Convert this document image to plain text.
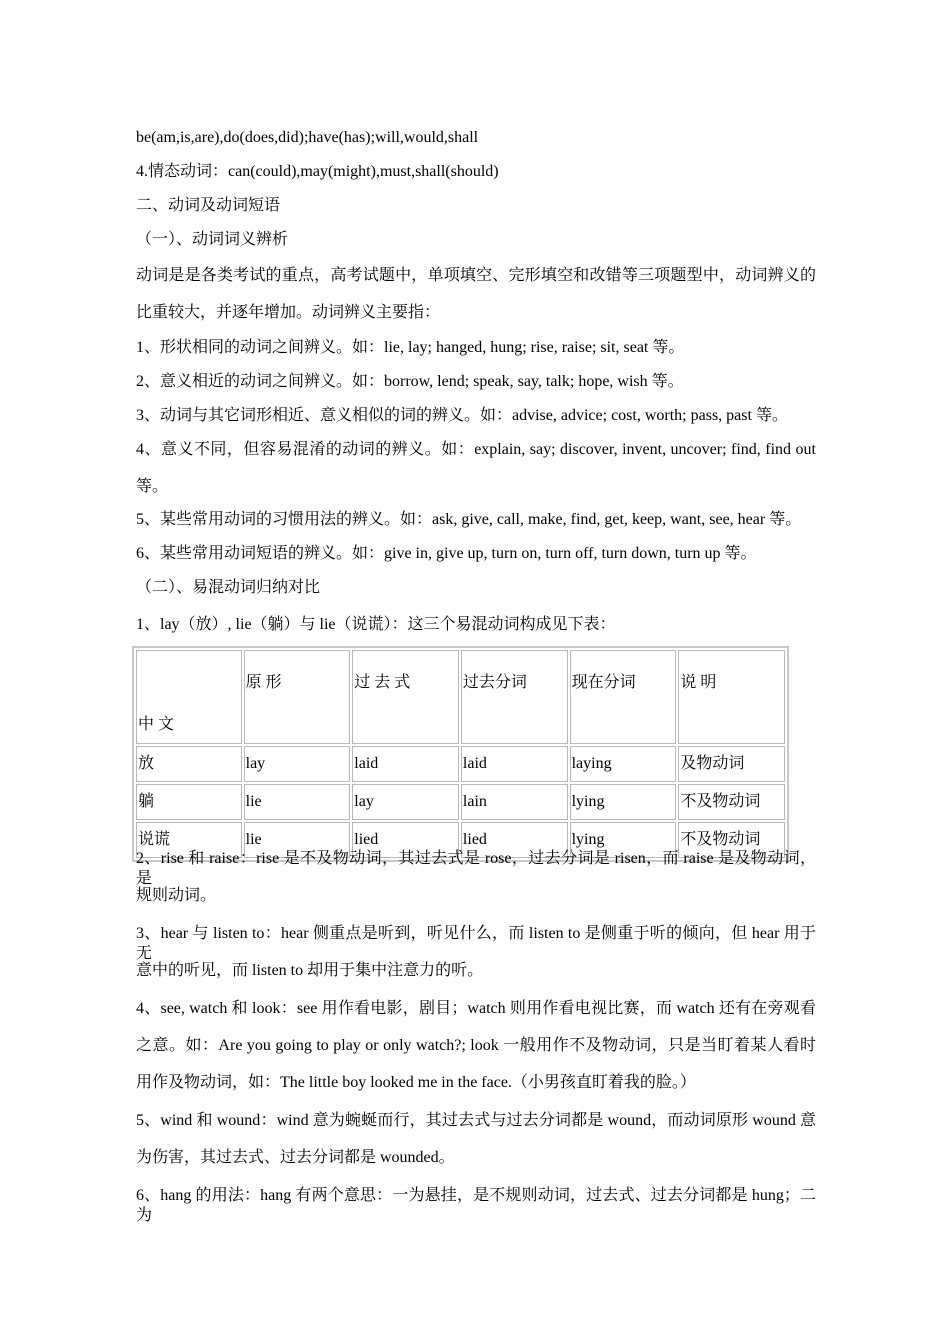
be(am,is,are),do(does,did);have(has);will,would,shall
4.情态动词：can(could),may(might),must,shall(should)
二、动词及动词短语
（一）、动词词义辨析
动词是是各类考试的重点，高考试题中，单项填空、完形填空和改错等三项题型中，动词辨义的
比重较大，并逐年增加。动词辨义主要指：
1、形状相同的动词之间辨义。如：lie, lay; hanged, hung; rise, raise; sit, seat 等。
2、意义相近的动词之间辨义。如：borrow, lend; speak, say, talk; hope, wish 等。
3、动词与其它词形相近、意义相似的词的辨义。如：advise, advice; cost, worth; pass, past 等。
4、意义不同，但容易混淆的动词的辨义。如：explain, say; discover, invent, uncover; find, find out
等。
5、某些常用动词的习惯用法的辨义。如：ask, give, call, make, find, get, keep, want, see, hear 等。
6、某些常用动词短语的辨义。如：give in, give up, turn on, turn off, turn down, turn up 等。
（二）、易混动词归纳对比
1、lay（放）, lie（躺）与 lie（说谎）：这三个易混动词构成见下表：
中 文	原 形	过 去 式	过去分词	现在分词	说 明
放	lay	laid	laid	laying	及物动词
躺	lie	lay	lain	lying	不及物动词
说谎	lie	lied	lied	lying	不及物动词
2、rise 和 raise：rise 是不及物动词，其过去式是 rose，过去分词是 risen，而 raise 是及物动词，是
规则动词。
3、hear 与 listen to：hear 侧重点是听到，听见什么，而 listen to 是侧重于听的倾向，但 hear 用于无
意中的听见，而 listen to 却用于集中注意力的听。
4、see, watch 和 look：see 用作看电影，剧目；watch 则用作看电视比赛，而 watch 还有在旁观看
之意。如：Are you going to play or only watch?; look 一般用作不及物动词，只是当盯着某人看时
用作及物动词，如：The little boy looked me in the face.（小男孩直盯着我的脸。）
5、wind 和 wound：wind 意为蜿蜒而行，其过去式与过去分词都是 wound，而动词原形 wound 意
为伤害，其过去式、过去分词都是 wounded。
6、hang 的用法：hang 有两个意思：一为悬挂，是不规则动词，过去式、过去分词都是 hung；二为
